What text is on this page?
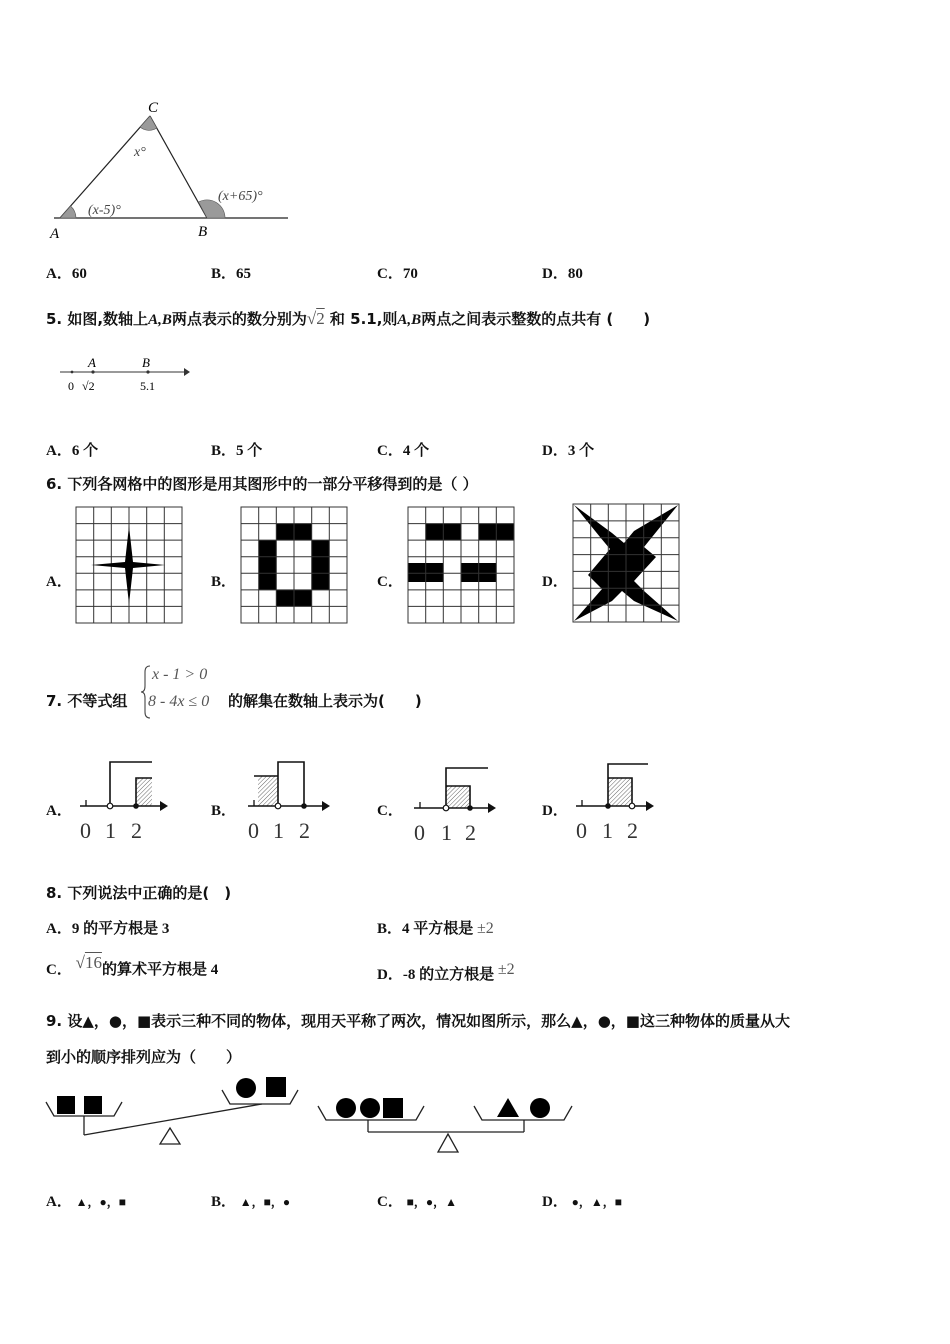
C
A	B
x°
(x-5)°
(x+65)°
A．60	B．65	C．70	D．80
5. 如图,数轴上A,B两点表示的数分别为√2 和 5.1,则A,B两点之间表示整数的点共有 (　　)
A	B
0 √2	5.1
A．6 个	B．5 个	C．4 个	D．3 个
6. 下列各网格中的图形是用其图形中的一部分平移得到的是（ ）
A．	B．	C．	D．
7. 不等式组
x - 1 > 0
8 - 4x ≤ 0 的解集在数轴上表示为(　　)
A．
0 1 2
B．
0 1 2
C．
0 1 2
D．
0 1 2
8. 下列说法中正确的是(　)
A．9 的平方根是 3	B．4 平方根是 ±2
C． √16的算术平方根是 4	D．-8 的立方根是 ±2
9. 设▲，●，■表示三种不同的物体，现用天平称了两次，情况如图所示，那么▲，●，■这三种物体的质量从大
到小的顺序排列应为（　　）
A． ▲，●，■	B． ▲，■，●	C． ■，●，▲	D． ●，▲，■
